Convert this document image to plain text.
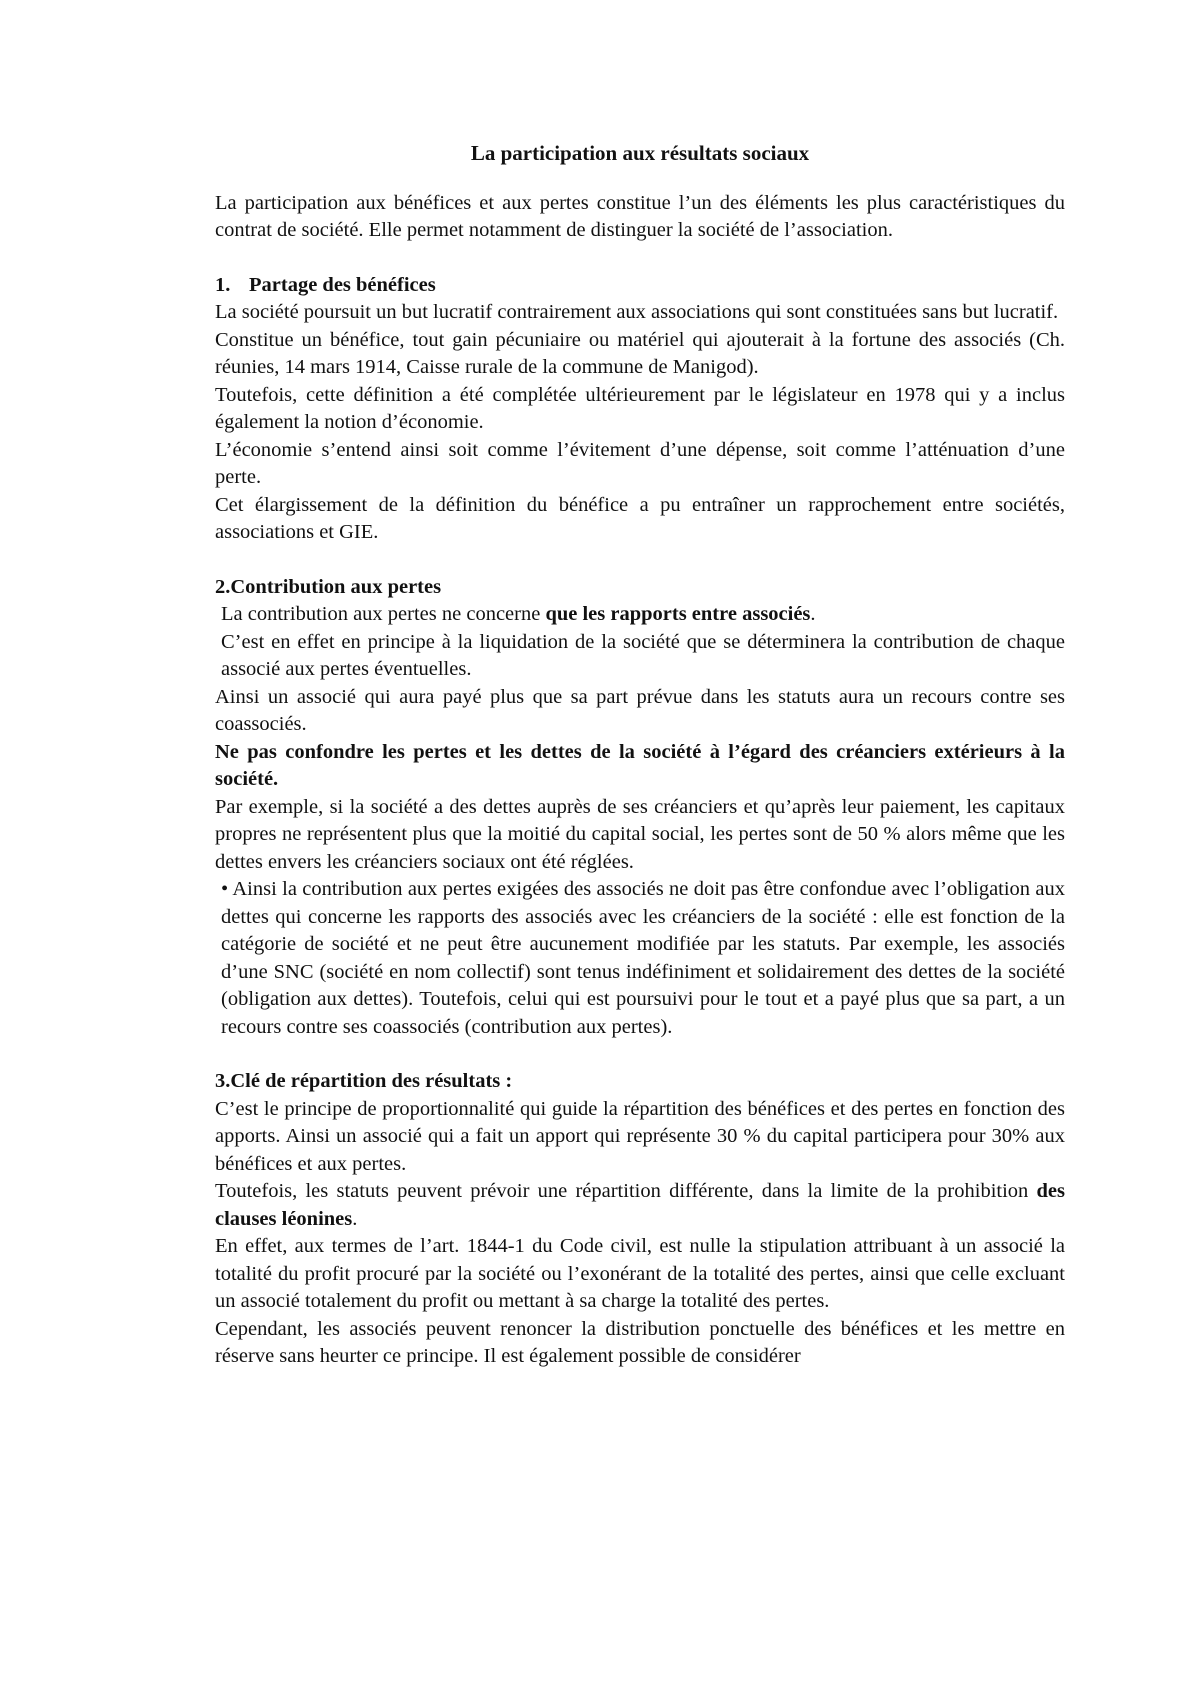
La participation aux résultats sociaux

La participation aux bénéfices et aux pertes constitue l’un des éléments les plus caractéristiques du contrat de société. Elle permet notamment de distinguer la société de l’association.

1. Partage des bénéfices

La société poursuit un but lucratif contrairement aux associations qui sont constituées sans but lucratif.

Constitue un bénéfice, tout gain pécuniaire ou matériel qui ajouterait à la fortune des associés (Ch. réunies, 14 mars 1914, Caisse rurale de la commune de Manigod).

Toutefois, cette définition a été complétée ultérieurement par le législateur en 1978 qui y a inclus également la notion d’économie.

L’économie s’entend ainsi soit comme l’évitement d’une dépense, soit comme l’atténuation d’une perte.

Cet élargissement de la définition du bénéfice a pu entraîner un rapprochement entre sociétés, associations et GIE.

2.Contribution aux pertes

La contribution aux pertes ne concerne que les rapports entre associés.

C’est en effet en principe à la liquidation de la société que se déterminera la contribution de chaque associé aux pertes éventuelles.

Ainsi un associé qui aura payé plus que sa part prévue dans les statuts aura un recours contre ses coassociés.

Ne pas confondre les pertes et les dettes de la société à l’égard des créanciers extérieurs à la société.

Par exemple, si la société a des dettes auprès de ses créanciers et qu’après leur paiement, les capitaux propres ne représentent plus que la moitié du capital social, les pertes sont de 50 % alors même que les dettes envers les créanciers sociaux ont été réglées.

• Ainsi la contribution aux pertes exigées des associés ne doit pas être confondue avec l’obligation aux dettes qui concerne les rapports des associés avec les créanciers de la société : elle est fonction de la catégorie de société et ne peut être aucunement modifiée par les statuts. Par exemple, les associés d’une SNC (société en nom collectif) sont tenus indéfiniment et solidairement des dettes de la société (obligation aux dettes). Toutefois, celui qui est poursuivi pour le tout et a payé plus que sa part, a un recours contre ses coassociés (contribution aux pertes).

3.Clé de répartition des résultats :

C’est le principe de proportionnalité qui guide la répartition des bénéfices et des pertes en fonction des apports. Ainsi un associé qui a fait un apport qui représente 30 % du capital participera pour 30% aux bénéfices et aux pertes.

Toutefois, les statuts peuvent prévoir une répartition différente, dans la limite de la prohibition des clauses léonines.

En effet, aux termes de l’art. 1844-1 du Code civil, est nulle la stipulation attribuant à un associé la totalité du profit procuré par la société ou l’exonérant de la totalité des pertes, ainsi que celle excluant un associé totalement du profit ou mettant à sa charge la totalité des pertes.

Cependant, les associés peuvent renoncer la distribution ponctuelle des bénéfices et les mettre en réserve sans heurter ce principe. Il est également possible de considérer
